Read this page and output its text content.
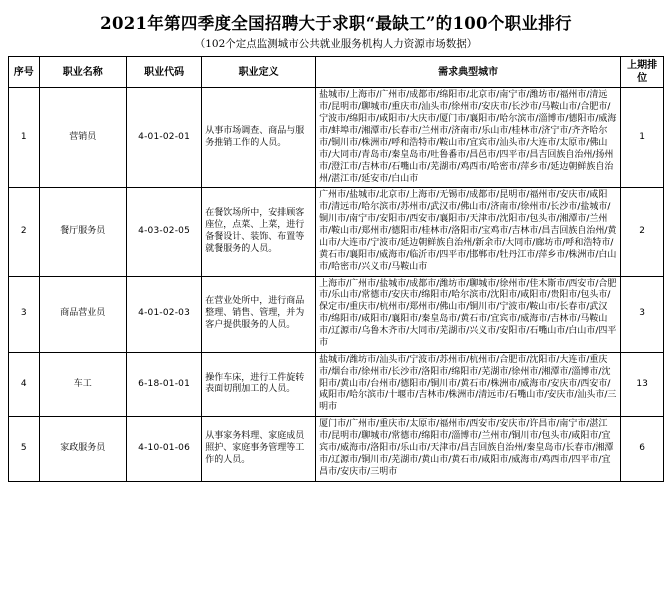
2021年第四季度全国招聘大于求职“最缺工”的100个职业排行
（102个定点监测城市公共就业服务机构人力资源市场数据）
序号	职业名称	职业代码	职业定义	需求典型城市	上期排位
1	营销员	4-01-02-01	从事市场调查、商品与服务推销工作的人员。	盐城市/上海市/广州市/成都市/绵阳市/北京市/南宁市/潍坊市/福州市/清远市/昆明市/聊城市/重庆市/汕头市/徐州市/安庆市/长沙市/马鞍山市/合肥市/宁波市/绵阳市/咸阳市/大庆市/厦门市/襄阳市/哈尔滨市/淄博市/德阳市/威海市/蚌埠市/湘潭市/长春市/兰州市/济南市/乐山市/桂林市/济宁市/齐齐哈尔市/铜川市/株洲市/呼和浩特市/鞍山市/宜宾市/汕头市/大连市/太原市/佛山市/大同市/青岛市/秦皇岛市/吐鲁番市/昌邑市/四平市/昌吉回族自治州/扬州市/澄江市/吉林市/石嘴山市/芜湖市/鸡西市/哈密市/萍乡市/延边朝鲜族自治州/湛江市/延安市/白山市	1
2	餐厅服务员	4-03-02-05	在餐饮场所中，安排顾客座位，点菜、上菜，进行备餐设计、装饰、布置等就餐服务的人员。	广州市/盐城市/北京市/上海市/无锡市/成都市/昆明市/福州市/安庆市/咸阳市/清远市/哈尔滨市/苏州市/武汉市/佛山市/济南市/徐州市/长沙市/盐城市/铜川市/南宁市/安阳市/西安市/襄阳市/天津市/沈阳市/包头市/湘潭市/兰州市/鞍山市/郑州市/德阳市/桂林市/洛阳市/宝鸡市/吉林市/昌吉回族自治州/黄山市/大连市/宁波市/延边朝鲜族自治州/新余市/大同市/廊坊市/呼和浩特市/黄石市/襄阳市/威海市/临沂市/四平市/邯郸市/牡丹江市/萍乡市/株洲市/白山市/哈密市/兴义市/马鞍山市	2
3	商品营业员	4-01-02-03	在营业处所中，进行商品整理、销售、管理，并为客户提供服务的人员。	上海市/广州市/盐城市/成都市/潍坊市/聊城市/徐州市/佳木斯市/西安市/合肥市/乐山市/常德市/安庆市/绵阳市/哈尔滨市/沈阳市/咸阳市/贵阳市/包头市/保定市/重庆市/杭州市/郑州市/佛山市/铜川市/宁波市/鞍山市/长春市/武汉市/绵阳市/咸阳市/襄阳市/秦皇岛市/黄石市/宜宾市/威海市/吉林市/马鞍山市/辽源市/乌鲁木齐市/大同市/芜湖市/兴义市/安阳市/石嘴山市/白山市/四平市	3
4	车工	6-18-01-01	操作车床，进行工件旋转表面切削加工的人员。	盐城市/潍坊市/汕头市/宁波市/苏州市/杭州市/合肥市/沈阳市/大连市/重庆市/烟台市/徐州市/长沙市/洛阳市/绵阳市/芜湖市/徐州市/湘潭市/淄博市/沈阳市/黄山市/台州市/德阳市/铜川市/黄石市/株洲市/威海市/安庆市/西安市/咸阳市/哈尔滨市/十堰市/吉林市/株洲市/清远市/石嘴山市/安庆市/汕头市/三明市	13
5	家政服务员	4-10-01-06	从事家务料理、家庭成员照护、家庭事务管理等工作的人员。	厦门市/广州市/重庆市/太原市/福州市/西安市/安庆市/许昌市/南宁市/湛江市/昆明市/聊城市/常德市/绵阳市/淄博市/兰州市/铜川市/包头市/咸阳市/宜宾市/威海市/洛阳市/乐山市/天津市/昌吉回族自治州/秦皇岛市/长春市/湘潭市/辽源市/铜川市/芜湖市/黄山市/黄石市/咸阳市/威海市/鸡西市/四平市/宜昌市/安庆市/三明市	6
